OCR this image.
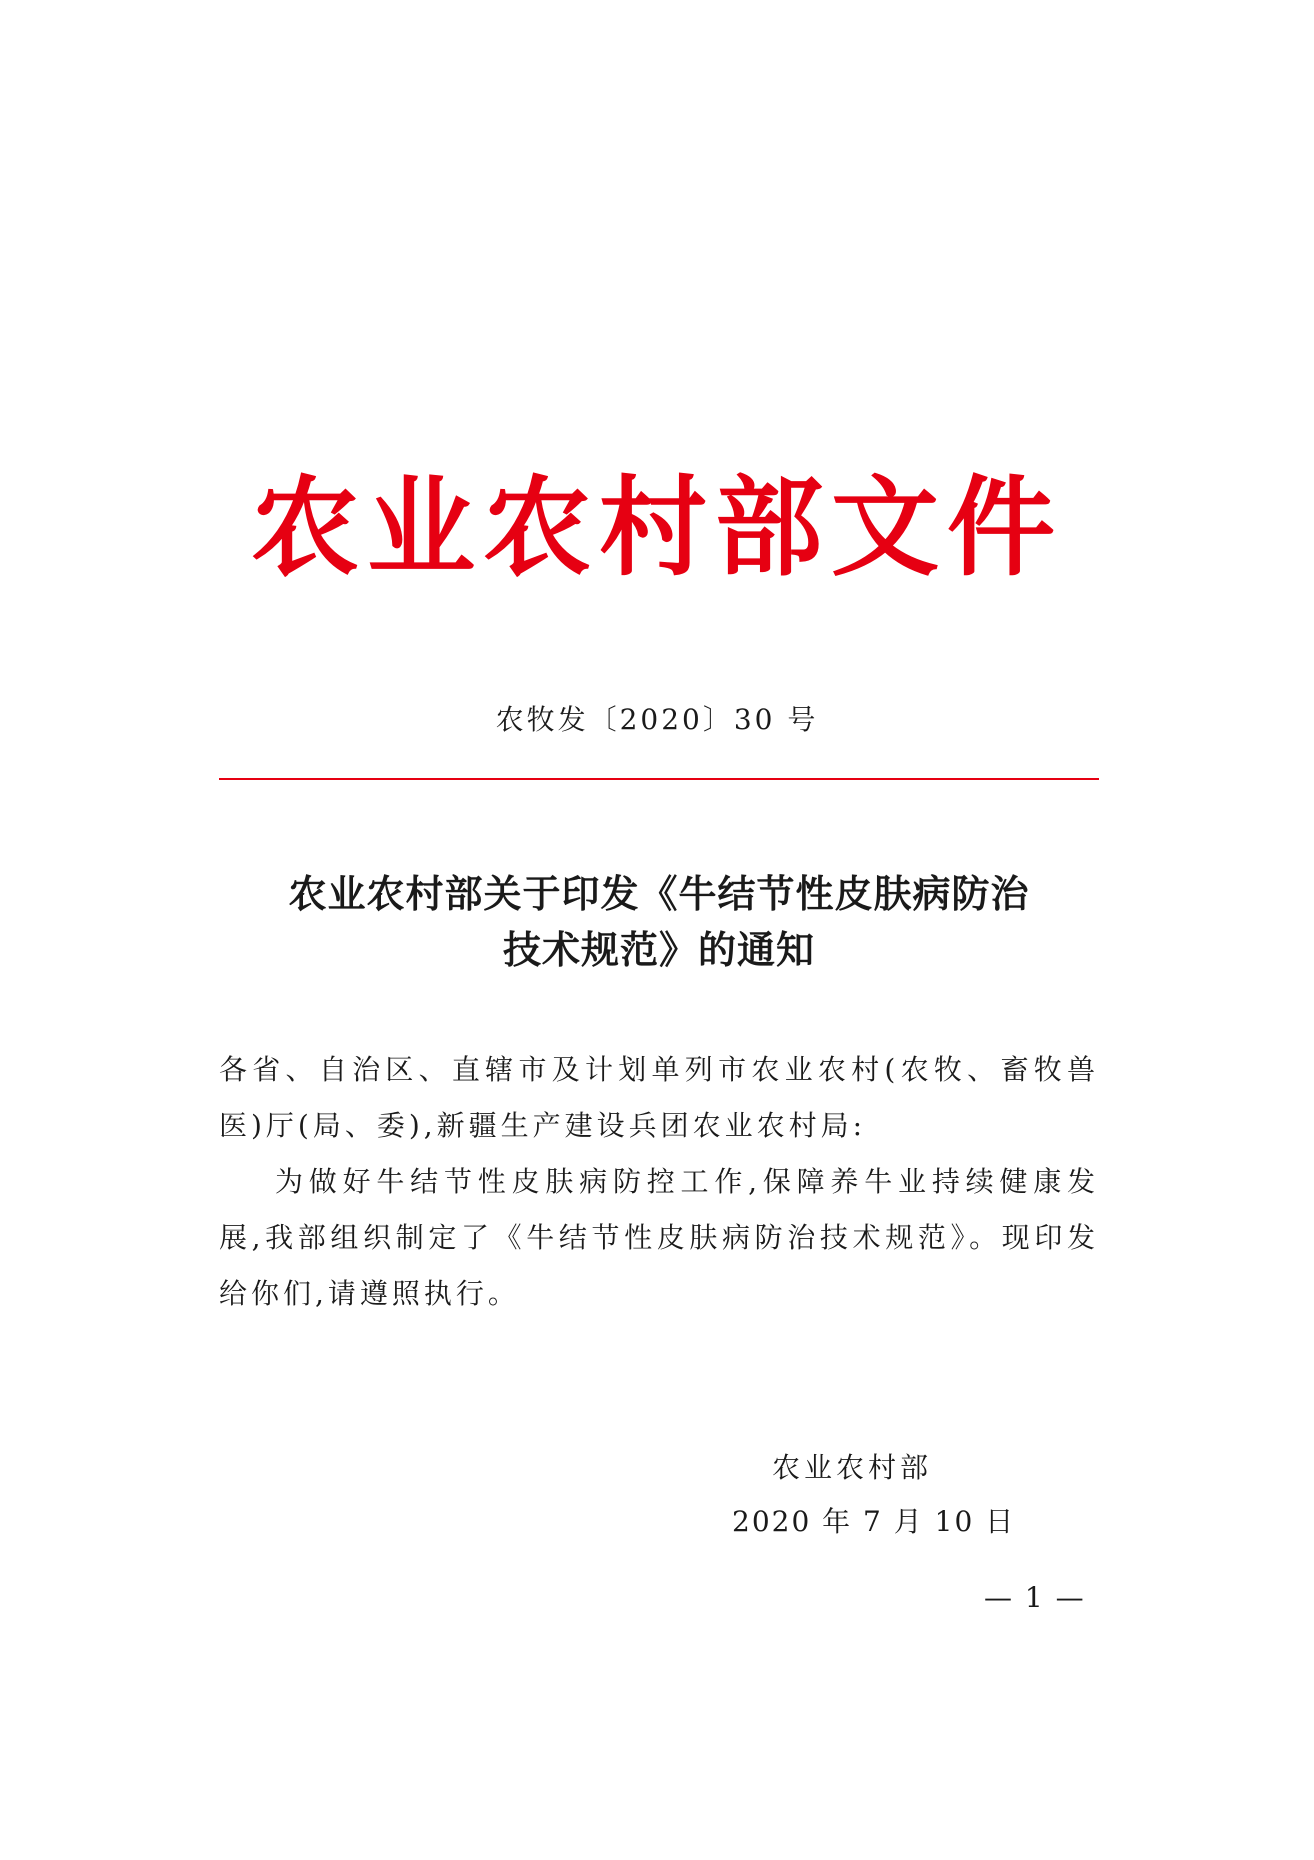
农业农村部文件
农牧发〔2020〕30 号
农业农村部关于印发《牛结节性皮肤病防治
技术规范》的通知

各省、自治区、直辖市及计划单列市农业农村(农牧、畜牧兽医)厅(局、委),新疆生产建设兵团农业农村局:

为做好牛结节性皮肤病防控工作,保障养牛业持续健康发展,我部组织制定了《牛结节性皮肤病防治技术规范》。现印发给你们,请遵照执行。

农业农村部
2020 年 7 月 10 日
— 1 —
